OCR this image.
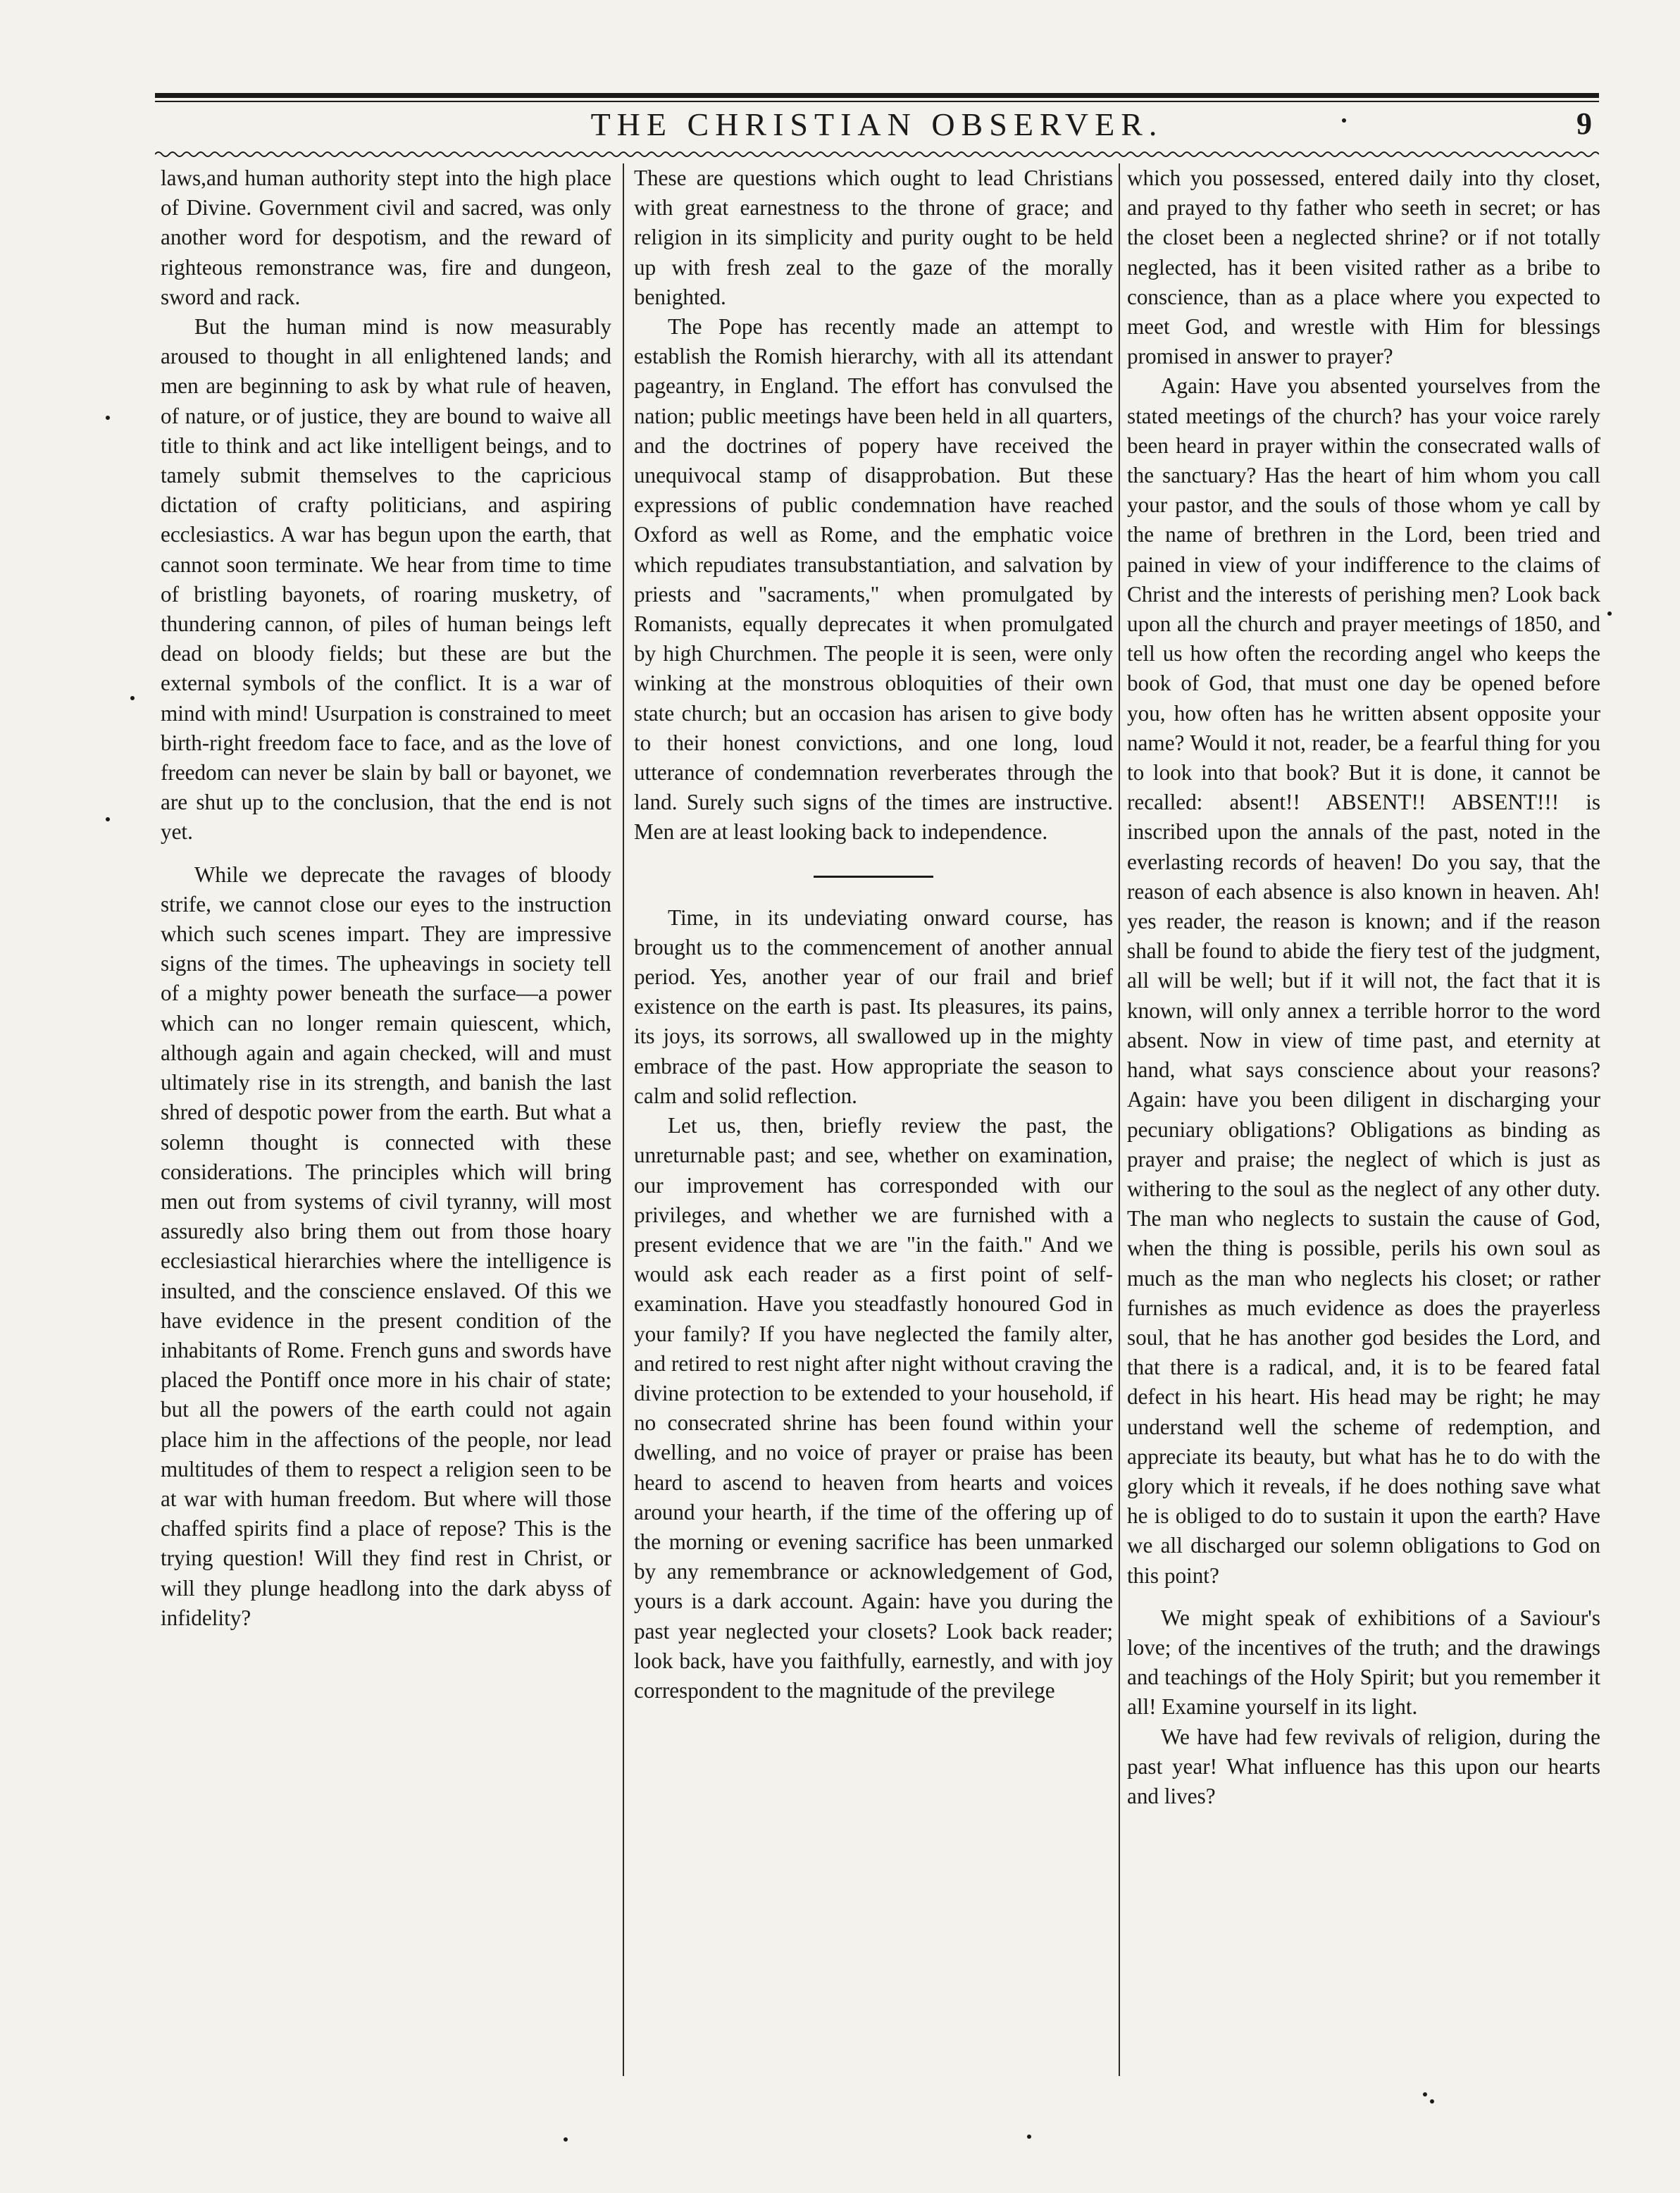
THE CHRISTIAN OBSERVER.	9

laws,and human authority stept into the high place of Divine. Government civil and sacred, was only another word for despotism, and the reward of righteous remonstrance was, fire and dungeon, sword and rack.

But the human mind is now measurably aroused to thought in all enlightened lands; and men are beginning to ask by what rule of heaven, of nature, or of justice, they are bound to waive all title to think and act like intelligent beings, and to tamely submit themselves to the capricious dictation of crafty politicians, and aspiring ecclesiastics. A war has begun upon the earth, that cannot soon terminate. We hear from time to time of bristling bayonets, of roaring musketry, of thundering cannon, of piles of human beings left dead on bloody fields; but these are but the external symbols of the conflict. It is a war of mind with mind! Usurpation is constrained to meet birth-right freedom face to face, and as the love of freedom can never be slain by ball or bayonet, we are shut up to the conclusion, that the end is not yet.

While we deprecate the ravages of bloody strife, we cannot close our eyes to the instruction which such scenes impart. They are impressive signs of the times. The upheavings in society tell of a mighty power beneath the surface—a power which can no longer remain quiescent, which, although again and again checked, will and must ultimately rise in its strength, and banish the last shred of despotic power from the earth. But what a solemn thought is connected with these considerations. The principles which will bring men out from systems of civil tyranny, will most assuredly also bring them out from those hoary ecclesiastical hierarchies where the intelligence is insulted, and the conscience enslaved. Of this we have evidence in the present condition of the inhabitants of Rome. French guns and swords have placed the Pontiff once more in his chair of state; but all the powers of the earth could not again place him in the affections of the people, nor lead multitudes of them to respect a religion seen to be at war with human freedom. But where will those chaffed spirits find a place of repose? This is the trying question! Will they find rest in Christ, or will they plunge headlong into the dark abyss of infidelity?

These are questions which ought to lead Christians with great earnestness to the throne of grace; and religion in its simplicity and purity ought to be held up with fresh zeal to the gaze of the morally benighted.

The Pope has recently made an attempt to establish the Romish hierarchy, with all its attendant pageantry, in England. The effort has convulsed the nation; public meetings have been held in all quarters, and the doctrines of popery have received the unequivocal stamp of disapprobation. But these expressions of public condemnation have reached Oxford as well as Rome, and the emphatic voice which repudiates transubstantiation, and salvation by priests and "sacraments," when promulgated by Romanists, equally deprecates it when promulgated by high Churchmen. The people it is seen, were only winking at the monstrous obloquities of their own state church; but an occasion has arisen to give body to their honest convictions, and one long, loud utterance of condemnation reverberates through the land. Surely such signs of the times are instructive. Men are at least looking back to independence.

Time, in its undeviating onward course, has brought us to the commencement of another annual period. Yes, another year of our frail and brief existence on the earth is past. Its pleasures, its pains, its joys, its sorrows, all swallowed up in the mighty embrace of the past. How appropriate the season to calm and solid reflection.

Let us, then, briefly review the past, the unreturnable past; and see, whether on examination, our improvement has corresponded with our privileges, and whether we are furnished with a present evidence that we are "in the faith." And we would ask each reader as a first point of self-examination. Have you steadfastly honoured God in your family? If you have neglected the family alter, and retired to rest night after night without craving the divine protection to be extended to your household, if no consecrated shrine has been found within your dwelling, and no voice of prayer or praise has been heard to ascend to heaven from hearts and voices around your hearth, if the time of the offering up of the morning or evening sacrifice has been unmarked by any remembrance or acknowledgement of God, yours is a dark account. Again: have you during the past year neglected your closets? Look back reader; look back, have you faithfully, earnestly, and with joy correspondent to the magnitude of the previlege

which you possessed, entered daily into thy closet, and prayed to thy father who seeth in secret; or has the closet been a neglected shrine? or if not totally neglected, has it been visited rather as a bribe to conscience, than as a place where you expected to meet God, and wrestle with Him for blessings promised in answer to prayer?

Again: Have you absented yourselves from the stated meetings of the church? has your voice rarely been heard in prayer within the consecrated walls of the sanctuary? Has the heart of him whom you call your pastor, and the souls of those whom ye call by the name of brethren in the Lord, been tried and pained in view of your indifference to the claims of Christ and the interests of perishing men? Look back upon all the church and prayer meetings of 1850, and tell us how often the recording angel who keeps the book of God, that must one day be opened before you, how often has he written absent opposite your name? Would it not, reader, be a fearful thing for you to look into that book? But it is done, it cannot be recalled: absent!! ABSENT!! ABSENT!!! is inscribed upon the annals of the past, noted in the everlasting records of heaven! Do you say, that the reason of each absence is also known in heaven. Ah! yes reader, the reason is known; and if the reason shall be found to abide the fiery test of the judgment, all will be well; but if it will not, the fact that it is known, will only annex a terrible horror to the word absent. Now in view of time past, and eternity at hand, what says conscience about your reasons? Again: have you been diligent in discharging your pecuniary obligations? Obligations as binding as prayer and praise; the neglect of which is just as withering to the soul as the neglect of any other duty. The man who neglects to sustain the cause of God, when the thing is possible, perils his own soul as much as the man who neglects his closet; or rather furnishes as much evidence as does the prayerless soul, that he has another god besides the Lord, and that there is a radical, and, it is to be feared fatal defect in his heart. His head may be right; he may understand well the scheme of redemption, and appreciate its beauty, but what has he to do with the glory which it reveals, if he does nothing save what he is obliged to do to sustain it upon the earth? Have we all discharged our solemn obligations to God on this point?

We might speak of exhibitions of a Saviour's love; of the incentives of the truth; and the drawings and teachings of the Holy Spirit; but you remember it all! Examine yourself in its light.

We have had few revivals of religion, during the past year! What influence has this upon our hearts and lives?
